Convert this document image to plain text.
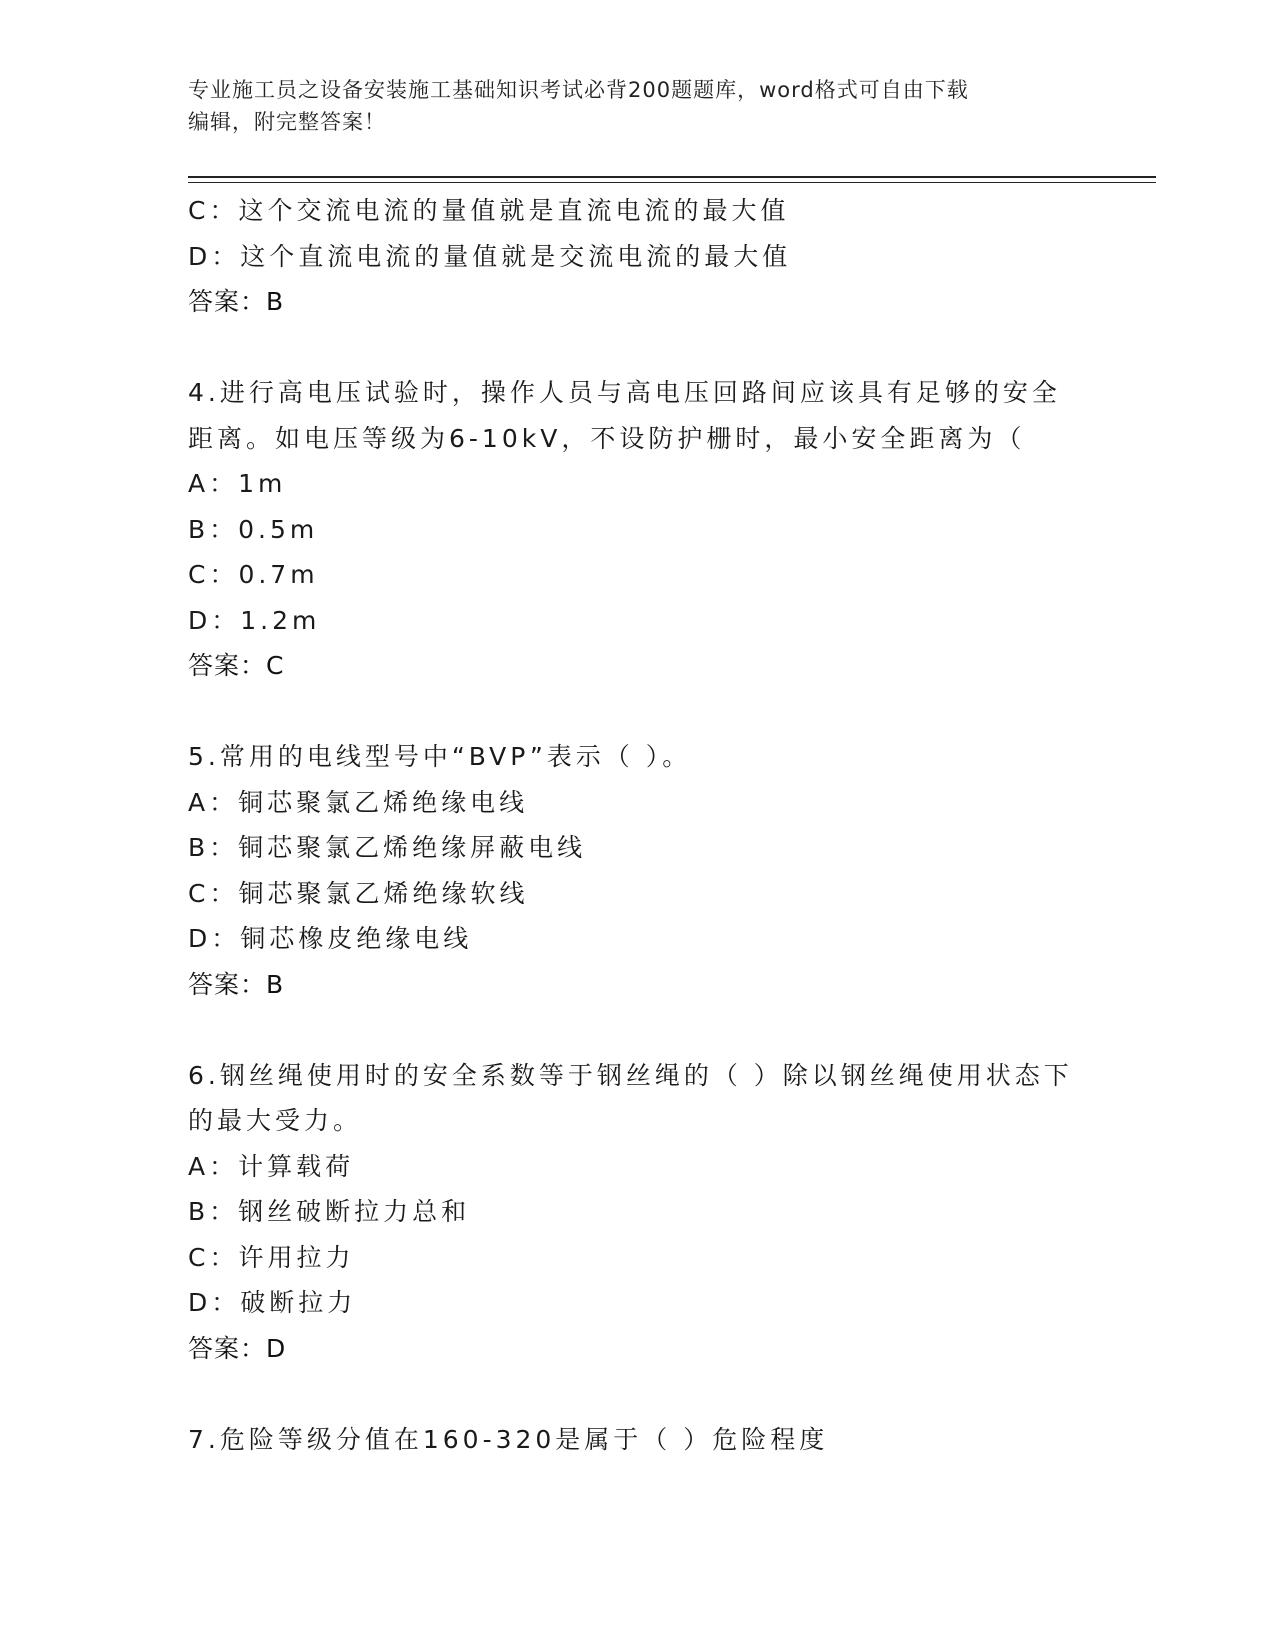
专业施工员之设备安装施工基础知识考试必背200题题库，word格式可自由下载
编辑，附完整答案！
C：这个交流电流的量值就是直流电流的最大值
D：这个直流电流的量值就是交流电流的最大值
答案：B
4.进行高电压试验时，操作人员与高电压回路间应该具有足够的安全
距离。如电压等级为6-10kV，不设防护栅时，最小安全距离为（
A：1m
B：0.5m
C：0.7m
D：1.2m
答案：C
5.常用的电线型号中“BVP”表示（ ）。
A：铜芯聚氯乙烯绝缘电线
B：铜芯聚氯乙烯绝缘屏蔽电线
C：铜芯聚氯乙烯绝缘软线
D：铜芯橡皮绝缘电线
答案：B
6.钢丝绳使用时的安全系数等于钢丝绳的（ ）除以钢丝绳使用状态下
的最大受力。
A：计算载荷
B：钢丝破断拉力总和
C：许用拉力
D：破断拉力
答案：D
7.危险等级分值在160-320是属于（ ）危险程度
